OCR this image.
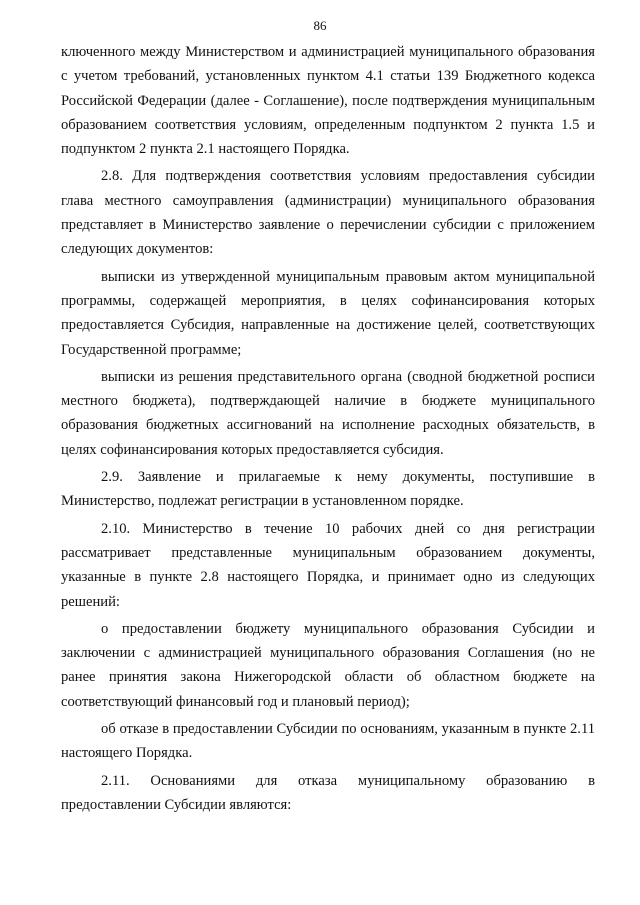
86

ключенного между Министерством и администрацией муниципального образования с учетом требований, установленных пунктом 4.1 статьи 139 Бюджетного кодекса Российской Федерации (далее - Соглашение), после подтверждения муниципальным образованием соответствия условиям, определенным подпунктом 2 пункта 1.5 и подпунктом 2 пункта 2.1 настоящего Порядка.

2.8. Для подтверждения соответствия условиям предоставления субсидии глава местного самоуправления (администрации) муниципального образования представляет в Министерство заявление о перечислении субсидии с приложением следующих документов:

выписки из утвержденной муниципальным правовым актом муниципальной программы, содержащей мероприятия, в целях софинансирования которых предоставляется Субсидия, направленные на достижение целей, соответствующих Государственной программе;

выписки из решения представительного органа (сводной бюджетной росписи местного бюджета), подтверждающей наличие в бюджете муниципального образования бюджетных ассигнований на исполнение расходных обязательств, в целях софинансирования которых предоставляется субсидия.

2.9. Заявление и прилагаемые к нему документы, поступившие в Министерство, подлежат регистрации в установленном порядке.

2.10. Министерство в течение 10 рабочих дней со дня регистрации рассматривает представленные муниципальным образованием документы, указанные в пункте 2.8 настоящего Порядка, и принимает одно из следующих решений:

о предоставлении бюджету муниципального образования Субсидии и заключении с администрацией муниципального образования Соглашения (но не ранее принятия закона Нижегородской области об областном бюджете на соответствующий финансовый год и плановый период);

об отказе в предоставлении Субсидии по основаниям, указанным в пункте 2.11 настоящего Порядка.

2.11. Основаниями для отказа муниципальному образованию в предоставлении Субсидии являются:
